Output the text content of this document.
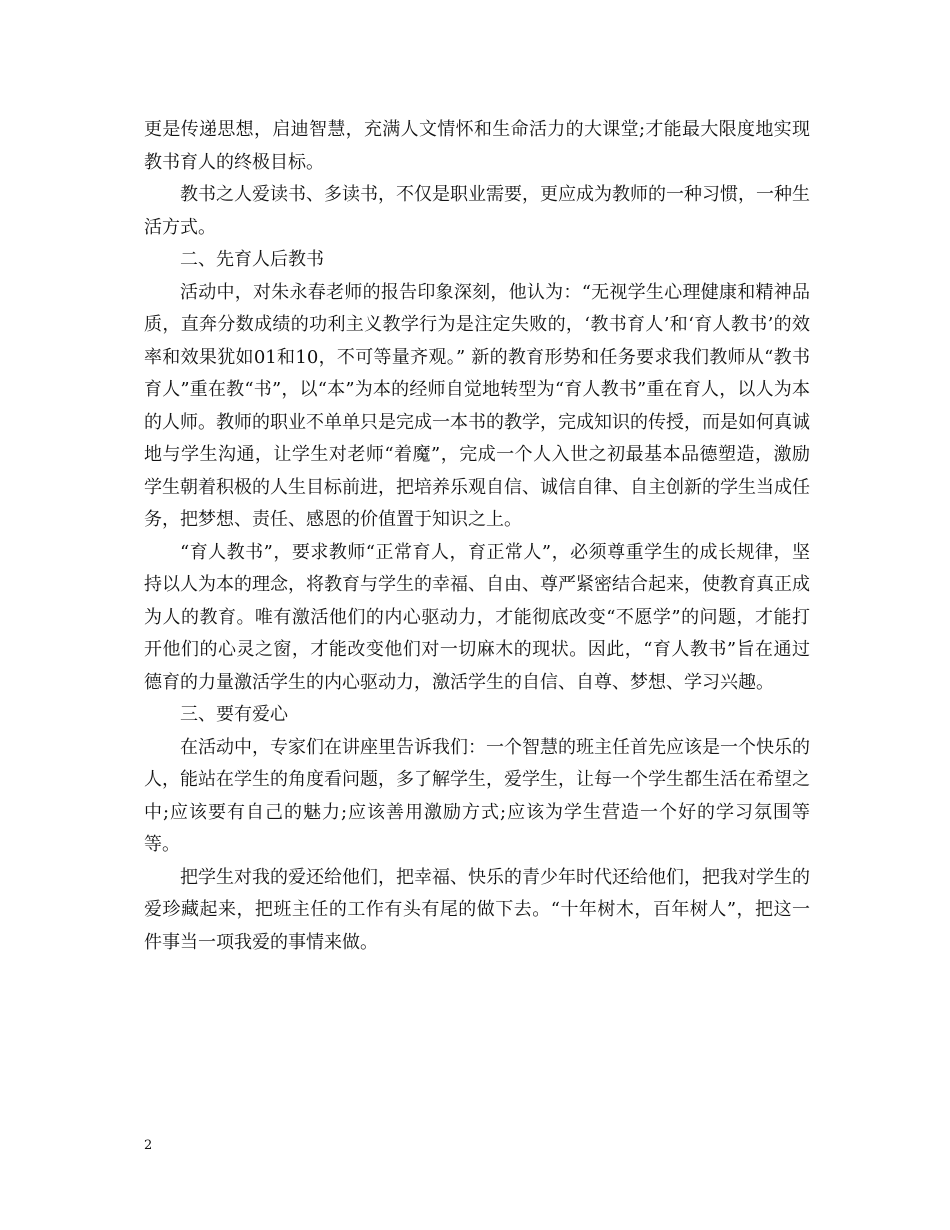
更是传递思想，启迪智慧，充满人文情怀和生命活力的大课堂;才能最大限度地实现教书育人的终极目标。

教书之人爱读书、多读书，不仅是职业需要，更应成为教师的一种习惯，一种生活方式。

二、先育人后教书

活动中，对朱永春老师的报告印象深刻，他认为：“无视学生心理健康和精神品质，直奔分数成绩的功利主义教学行为是注定失败的，‘教书育人’和‘育人教书’的效率和效果犹如01和10，不可等量齐观。” 新的教育形势和任务要求我们教师从“教书育人”重在教“书”，以“本”为本的经师自觉地转型为“育人教书”重在育人，以人为本的人师。教师的职业不单单只是完成一本书的教学，完成知识的传授，而是如何真诚地与学生沟通，让学生对老师“着魔”，完成一个人入世之初最基本品德塑造，激励学生朝着积极的人生目标前进，把培养乐观自信、诚信自律、自主创新的学生当成任务，把梦想、责任、感恩的价值置于知识之上。

“育人教书”，要求教师“正常育人，育正常人”，必须尊重学生的成长规律，坚持以人为本的理念，将教育与学生的幸福、自由、尊严紧密结合起来，使教育真正成为人的教育。唯有激活他们的内心驱动力，才能彻底改变“不愿学”的问题，才能打开他们的心灵之窗，才能改变他们对一切麻木的现状。因此，“育人教书”旨在通过德育的力量激活学生的内心驱动力，激活学生的自信、自尊、梦想、学习兴趣。

三、要有爱心

在活动中，专家们在讲座里告诉我们：一个智慧的班主任首先应该是一个快乐的人，能站在学生的角度看问题，多了解学生，爱学生，让每一个学生都生活在希望之中;应该要有自己的魅力;应该善用激励方式;应该为学生营造一个好的学习氛围等等。

把学生对我的爱还给他们，把幸福、快乐的青少年时代还给他们，把我对学生的爱珍藏起来，把班主任的工作有头有尾的做下去。“十年树木，百年树人”，把这一件事当一项我爱的事情来做。

2
